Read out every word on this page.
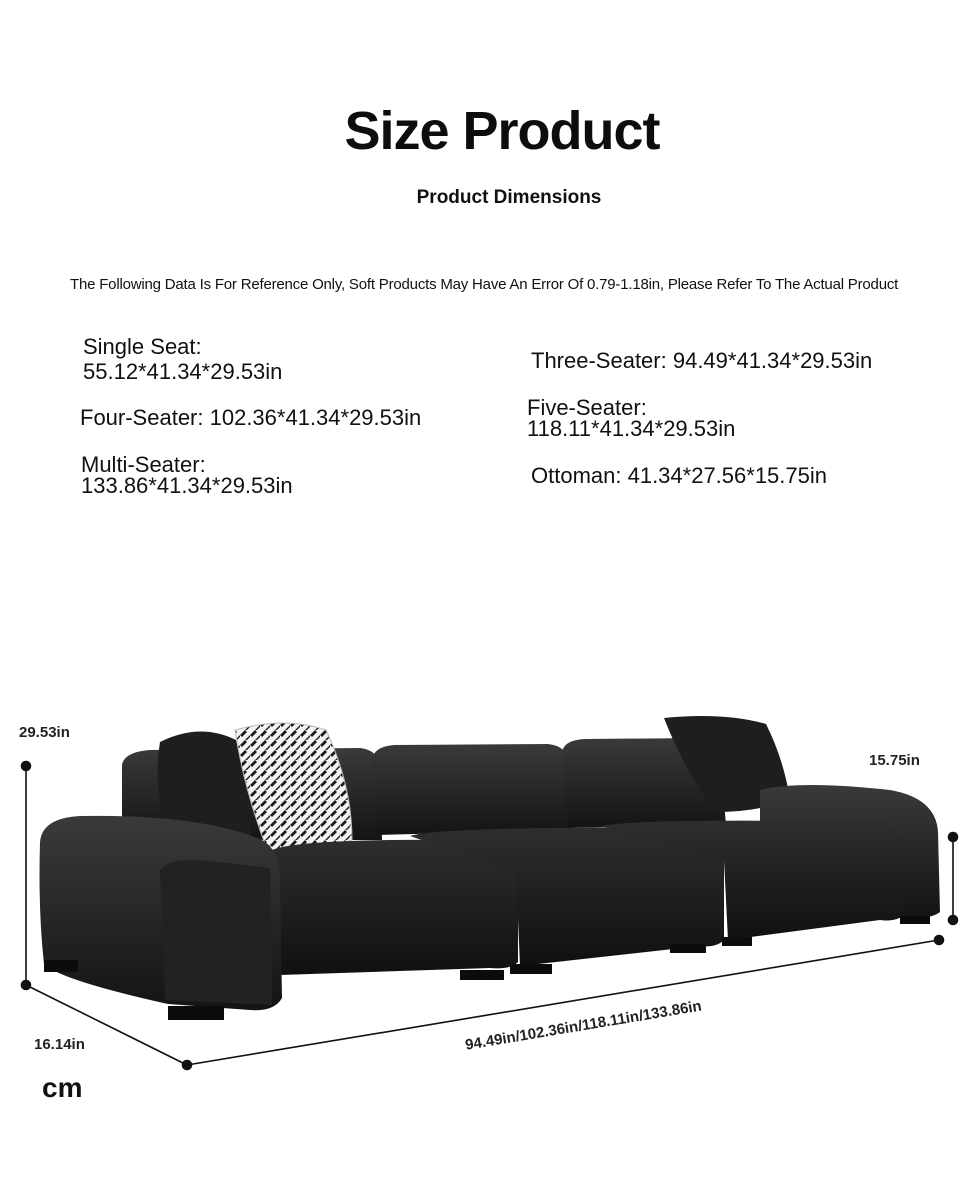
Size Product
Product Dimensions
The Following Data Is For Reference Only, Soft Products May Have An Error Of 0.79-1.18in, Please Refer To The Actual Product
Single Seat:
55.12*41.34*29.53in
Four-Seater: 102.36*41.34*29.53in
Multi-Seater:
133.86*41.34*29.53in
Three-Seater: 94.49*41.34*29.53in
Five-Seater:
118.11*41.34*29.53in
Ottoman: 41.34*27.56*15.75in
29.53in
15.75in
16.14in	94.49in/102.36in/118.11in/133.86in
cm
